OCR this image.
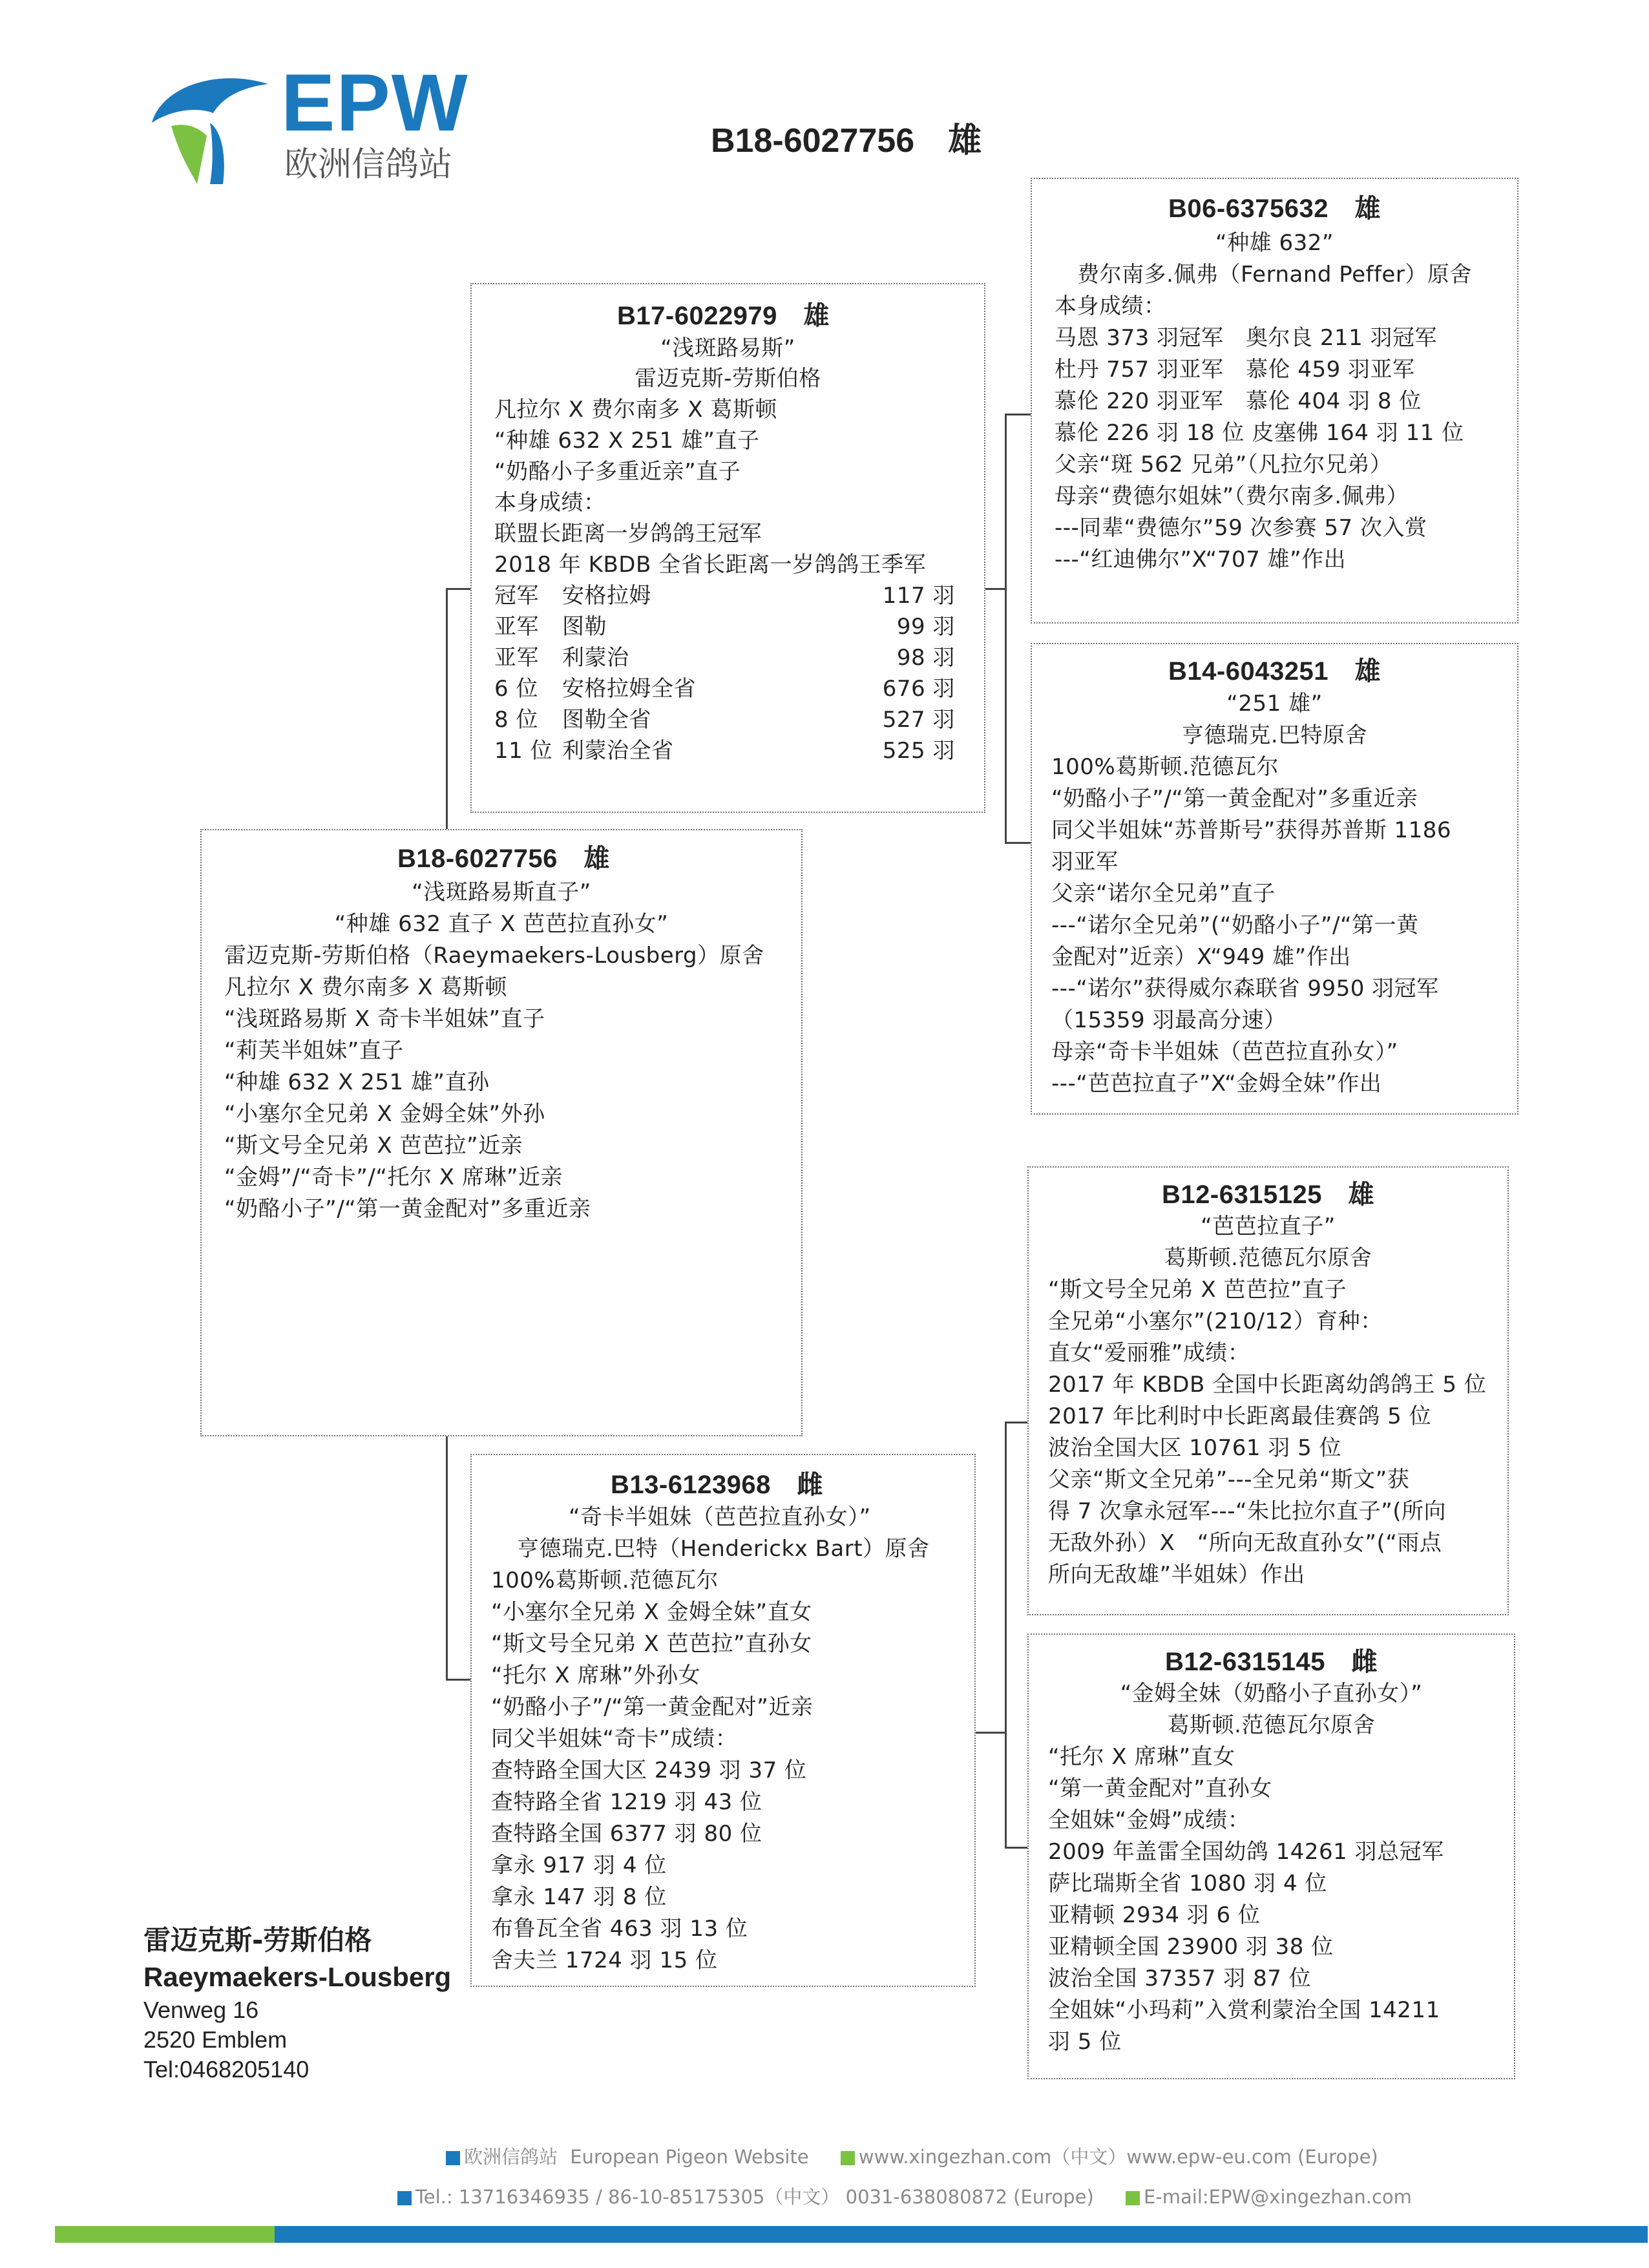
EPW
欧洲信鸽站
B18-6027756　雄
B06-6375632　雄
“种雄 632”
费尔南多.佩弗（Fernand Peffer）原舍
本身成绩：
马恩 373 羽冠军　奥尔良 211 羽冠军
杜丹 757 羽亚军　慕伦 459 羽亚军
慕伦 220 羽亚军　慕伦 404 羽 8 位
慕伦 226 羽 18 位 皮塞佛 164 羽 11 位
父亲“斑 562 兄弟”（凡拉尔兄弟）
母亲“费德尔姐妹”（费尔南多.佩弗）
---同辈“费德尔”59 次参赛 57 次入赏
---“红迪佛尔”X“707 雄”作出
B17-6022979　雄
“浅斑路易斯”
雷迈克斯-劳斯伯格
凡拉尔 X 费尔南多 X 葛斯顿
“种雄 632 X 251 雄”直子
“奶酪小子多重近亲”直子
本身成绩：
联盟长距离一岁鸽鸽王冠军
2018 年 KBDB 全省长距离一岁鸽鸽王季军
冠军 安格拉姆	117 羽
亚军 图勒	99 羽
亚军 利蒙治	98 羽
6 位 安格拉姆全省	676 羽
8 位 图勒全省	527 羽
11 位 利蒙治全省	525 羽
B14-6043251　雄
“251 雄”
亨德瑞克.巴特原舍
100%葛斯顿.范德瓦尔
“奶酪小子”/“第一黄金配对”多重近亲
同父半姐妹“苏普斯号”获得苏普斯 1186
羽亚军
父亲“诺尔全兄弟”直子
---“诺尔全兄弟”(“奶酪小子”/“第一黄
金配对”近亲）X“949 雄”作出
---“诺尔”获得威尔森联省 9950 羽冠军
（15359 羽最高分速）
母亲“奇卡半姐妹（芭芭拉直孙女）”
---“芭芭拉直子”X“金姆全妹”作出
B18-6027756　雄
“浅斑路易斯直子”
“种雄 632 直子 X 芭芭拉直孙女”
雷迈克斯-劳斯伯格（Raeymaekers-Lousberg）原舍
凡拉尔 X 费尔南多 X 葛斯顿
“浅斑路易斯 X 奇卡半姐妹”直子
“莉芙半姐妹”直子
“种雄 632 X 251 雄”直孙
“小塞尔全兄弟 X 金姆全妹”外孙
“斯文号全兄弟 X 芭芭拉”近亲
“金姆”/“奇卡”/“托尔 X 席琳”近亲
“奶酪小子”/“第一黄金配对”多重近亲	B12-6315125　雄
“芭芭拉直子”
葛斯顿.范德瓦尔原舍
“斯文号全兄弟 X 芭芭拉”直子
全兄弟“小塞尔”(210/12）育种：
直女“爱丽雅”成绩：
2017 年 KBDB 全国中长距离幼鸽鸽王 5 位
2017 年比利时中长距离最佳赛鸽 5 位
波治全国大区 10761 羽 5 位
父亲“斯文全兄弟”---全兄弟“斯文”获
得 7 次拿永冠军---“朱比拉尔直子”(所向
无敌外孙）X　“所向无敌直孙女”(“雨点
所向无敌雄”半姐妹）作出
B13-6123968　雌
“奇卡半姐妹（芭芭拉直孙女）”
亨德瑞克.巴特（Henderickx Bart）原舍
100%葛斯顿.范德瓦尔
“小塞尔全兄弟 X 金姆全妹”直女
“斯文号全兄弟 X 芭芭拉”直孙女
“托尔 X 席琳”外孙女
“奶酪小子”/“第一黄金配对”近亲
同父半姐妹“奇卡”成绩：
查特路全国大区 2439 羽 37 位
查特路全省 1219 羽 43 位
查特路全国 6377 羽 80 位
拿永 917 羽 4 位
拿永 147 羽 8 位
布鲁瓦全省 463 羽 13 位
舍夫兰 1724 羽 15 位
B12-6315145　雌
“金姆全妹（奶酪小子直孙女）”
葛斯顿.范德瓦尔原舍
“托尔 X 席琳”直女
“第一黄金配对”直孙女
全姐妹“金姆”成绩：
2009 年盖雷全国幼鸽 14261 羽总冠军
萨比瑞斯全省 1080 羽 4 位
亚精顿 2934 羽 6 位
亚精顿全国 23900 羽 38 位
波治全国 37357 羽 87 位
全姐妹“小玛莉”入赏利蒙治全国 14211
羽 5 位
雷迈克斯-劳斯伯格
Raeymaekers-Lousberg
Venweg 16
2520 Emblem
Tel:0468205140
欧洲信鸽站 European Pigeon Website	www.xingezhan.com（中文）www.epw-eu.com (Europe)
Tel.: 13716346935 / 86-10-85175305（中文） 0031-638080872 (Europe)	E-mail:EPW@xingezhan.com
